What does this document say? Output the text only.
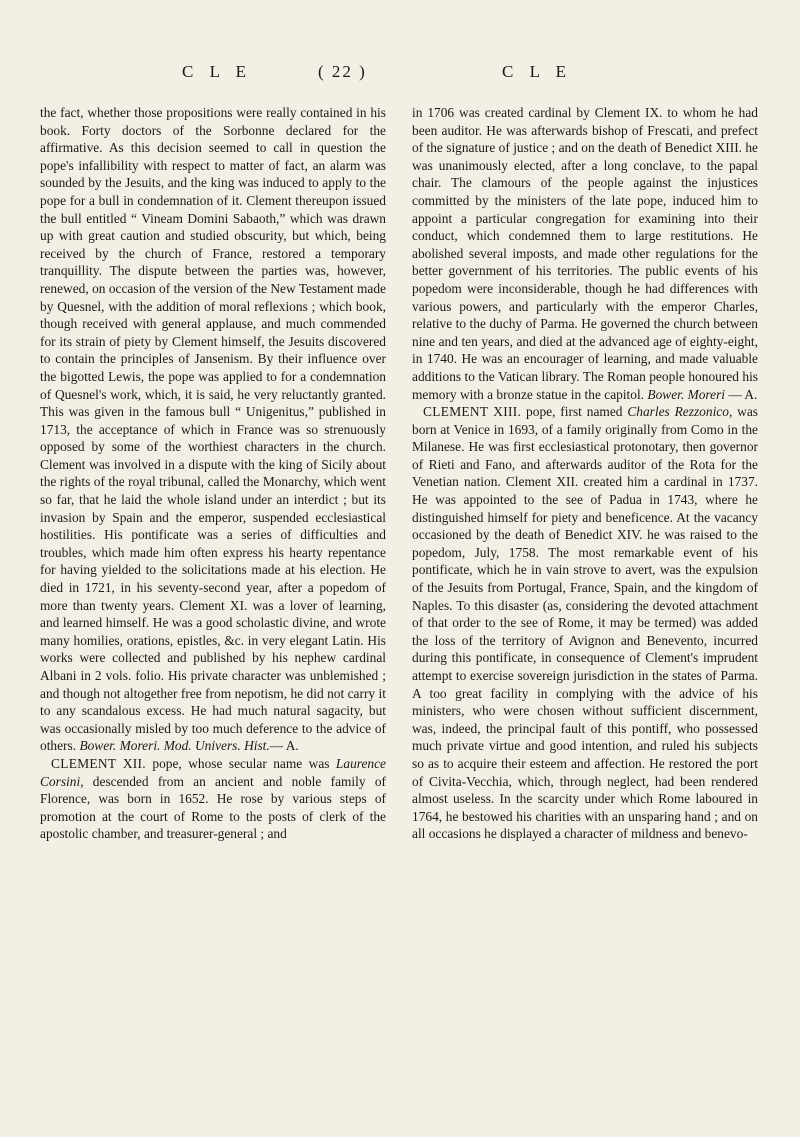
C L E	( 22 )	C L E

the fact, whether those propositions were really contained in his book. Forty doctors of the Sorbonne declared for the affirmative. As this decision seemed to call in question the pope's infallibility with respect to matter of fact, an alarm was sounded by the Jesuits, and the king was induced to apply to the pope for a bull in condemnation of it. Clement thereupon issued the bull entitled “ Vineam Domini Sabaoth,” which was drawn up with great caution and studied obscurity, but which, being received by the church of France, restored a temporary tranquillity. The dispute between the parties was, however, renewed, on occasion of the version of the New Testament made by Quesnel, with the addition of moral reflexions ; which book, though received with general applause, and much commended for its strain of piety by Clement himself, the Jesuits discovered to contain the principles of Jansenism. By their influence over the bigotted Lewis, the pope was applied to for a condemnation of Quesnel's work, which, it is said, he very reluctantly granted. This was given in the famous bull “ Unigenitus,” published in 1713, the acceptance of which in France was so strenuously opposed by some of the worthiest characters in the church. Clement was involved in a dispute with the king of Sicily about the rights of the royal tribunal, called the Monarchy, which went so far, that he laid the whole island under an interdict ; but its invasion by Spain and the emperor, suspended ecclesiastical hostilities. His pontificate was a series of difficulties and troubles, which made him often express his hearty repentance for having yielded to the solicitations made at his election. He died in 1721, in his seventy-second year, after a popedom of more than twenty years. Clement XI. was a lover of learning, and learned himself. He was a good scholastic divine, and wrote many homilies, orations, epistles, &c. in very elegant Latin. His works were collected and published by his nephew cardinal Albani in 2 vols. folio. His private character was unblemished ; and though not altogether free from nepotism, he did not carry it to any scandalous excess. He had much natural sagacity, but was occasionally misled by too much deference to the advice of others. Bower. Moreri. Mod. Univers. Hist.— A.

CLEMENT XII. pope, whose secular name was Laurence Corsini, descended from an ancient and noble family of Florence, was born in 1652. He rose by various steps of promotion at the court of Rome to the posts of clerk of the apostolic chamber, and treasurer-general ; and

in 1706 was created cardinal by Clement IX. to whom he had been auditor. He was afterwards bishop of Frescati, and prefect of the signature of justice ; and on the death of Benedict XIII. he was unanimously elected, after a long conclave, to the papal chair. The clamours of the people against the injustices committed by the ministers of the late pope, induced him to appoint a particular congregation for examining into their conduct, which condemned them to large restitutions. He abolished several imposts, and made other regulations for the better government of his territories. The public events of his popedom were inconsiderable, though he had differences with various powers, and particularly with the emperor Charles, relative to the duchy of Parma. He governed the church between nine and ten years, and died at the advanced age of eighty-eight, in 1740. He was an encourager of learning, and made valuable additions to the Vatican library. The Roman people honoured his memory with a bronze statue in the capitol. Bower. Moreri — A.

CLEMENT XIII. pope, first named Charles Rezzonico, was born at Venice in 1693, of a family originally from Como in the Milanese. He was first ecclesiastical protonotary, then governor of Rieti and Fano, and afterwards auditor of the Rota for the Venetian nation. Clement XII. created him a cardinal in 1737. He was appointed to the see of Padua in 1743, where he distinguished himself for piety and beneficence. At the vacancy occasioned by the death of Benedict XIV. he was raised to the popedom, July, 1758. The most remarkable event of his pontificate, which he in vain strove to avert, was the expulsion of the Jesuits from Portugal, France, Spain, and the kingdom of Naples. To this disaster (as, considering the devoted attachment of that order to the see of Rome, it may be termed) was added the loss of the territory of Avignon and Benevento, incurred during this pontificate, in consequence of Clement's imprudent attempt to exercise sovereign jurisdiction in the states of Parma. A too great facility in complying with the advice of his ministers, who were chosen without sufficient discernment, was, indeed, the principal fault of this pontiff, who possessed much private virtue and good intention, and ruled his subjects so as to acquire their esteem and affection. He restored the port of Civita-Vecchia, which, through neglect, had been rendered almost useless. In the scarcity under which Rome laboured in 1764, he bestowed his charities with an unsparing hand ; and on all occasions he displayed a character of mildness and benevo-
